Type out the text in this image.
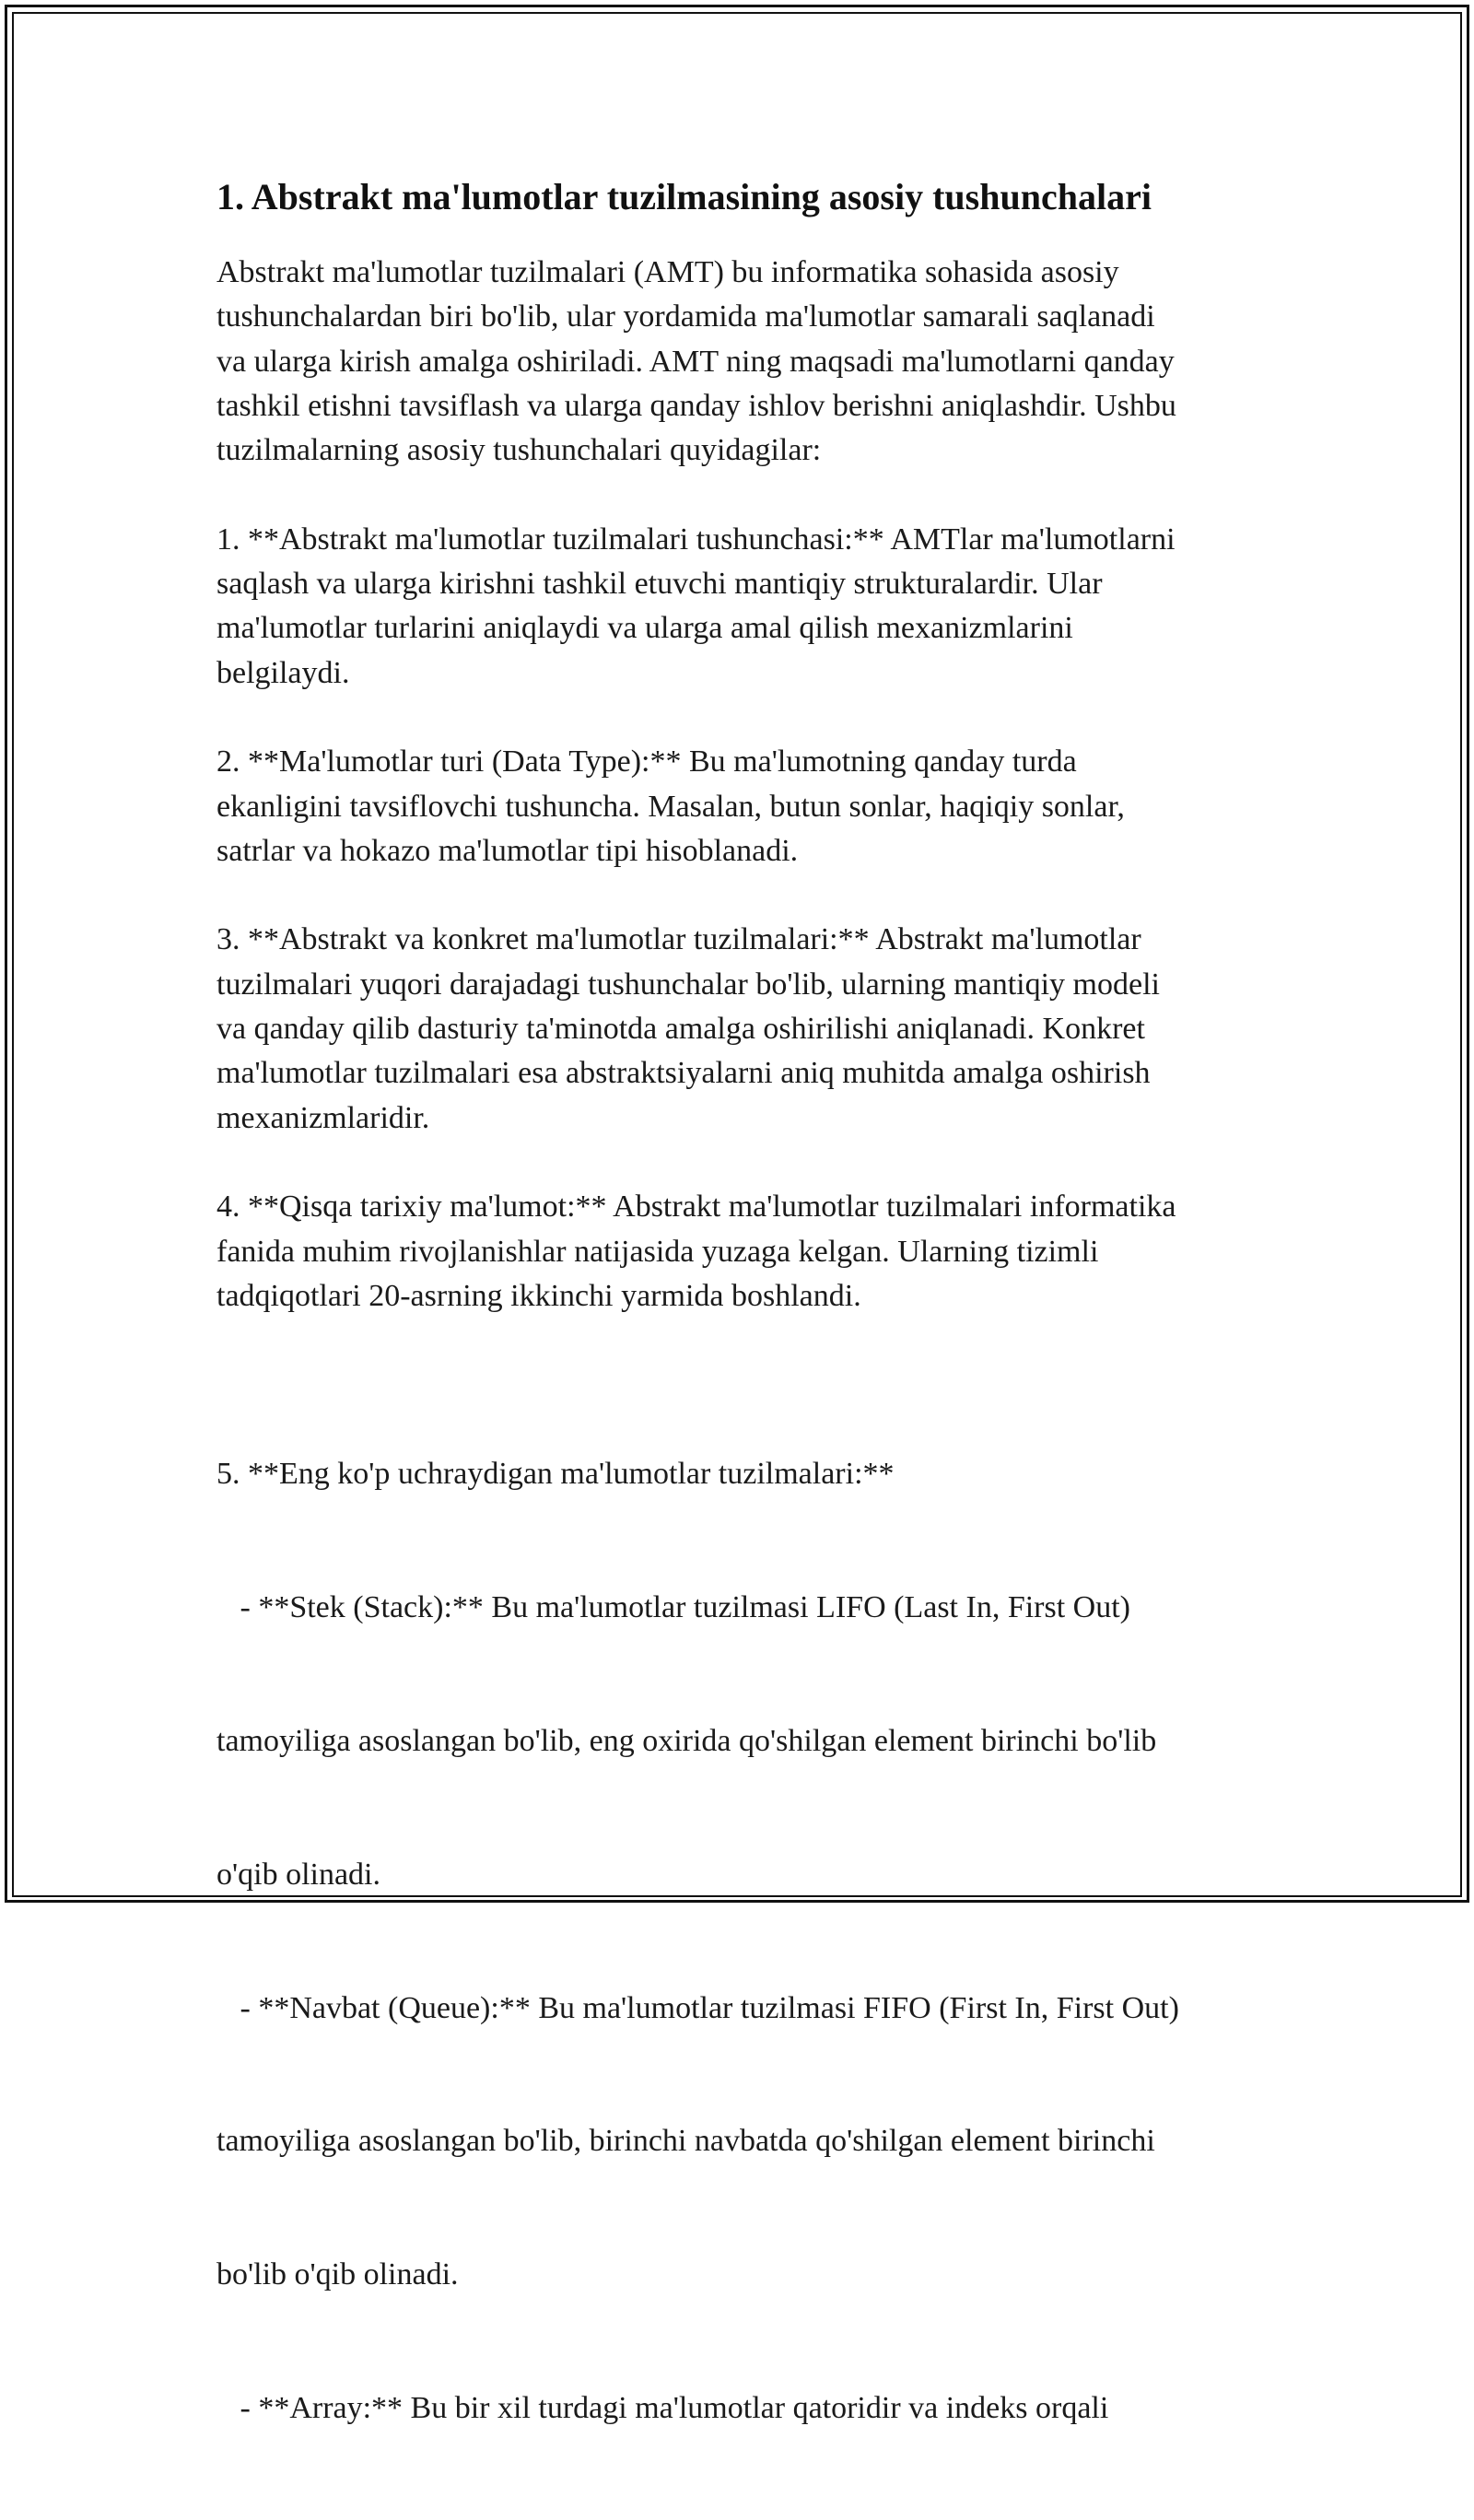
1. Abstrakt ma'lumotlar tuzilmasining asosiy tushunchalari
Abstrakt ma'lumotlar tuzilmalari (AMT) bu informatika sohasida asosiy
tushunchalardan biri bo'lib, ular yordamida ma'lumotlar samarali saqlanadi
va ularga kirish amalga oshiriladi. AMT ning maqsadi ma'lumotlarni qanday
tashkil etishni tavsiflash va ularga qanday ishlov berishni aniqlashdir. Ushbu
tuzilmalarning asosiy tushunchalari quyidagilar:
1. **Abstrakt ma'lumotlar tuzilmalari tushunchasi:** AMTlar ma'lumotlarni
saqlash va ularga kirishni tashkil etuvchi mantiqiy strukturalardir. Ular
ma'lumotlar turlarini aniqlaydi va ularga amal qilish mexanizmlarini
belgilaydi.
2. **Ma'lumotlar turi (Data Type):** Bu ma'lumotning qanday turda
ekanligini tavsiflovchi tushuncha. Masalan, butun sonlar, haqiqiy sonlar,
satrlar va hokazo ma'lumotlar tipi hisoblanadi.
3. **Abstrakt va konkret ma'lumotlar tuzilmalari:** Abstrakt ma'lumotlar
tuzilmalari yuqori darajadagi tushunchalar bo'lib, ularning mantiqiy modeli
va qanday qilib dasturiy ta'minotda amalga oshirilishi aniqlanadi. Konkret
ma'lumotlar tuzilmalari esa abstraktsiyalarni aniq muhitda amalga oshirish
mexanizmlaridir.
4. **Qisqa tarixiy ma'lumot:** Abstrakt ma'lumotlar tuzilmalari informatika
fanida muhim rivojlanishlar natijasida yuzaga kelgan. Ularning tizimli
tadqiqotlari 20-asrning ikkinchi yarmida boshlandi.

5. **Eng ko'p uchraydigan ma'lumotlar tuzilmalari:**

- **Stek (Stack):** Bu ma'lumotlar tuzilmasi LIFO (Last In, First Out)

tamoyiliga asoslangan bo'lib, eng oxirida qo'shilgan element birinchi bo'lib

o'qib olinadi.

- **Navbat (Queue):** Bu ma'lumotlar tuzilmasi FIFO (First In, First Out)

tamoyiliga asoslangan bo'lib, birinchi navbatda qo'shilgan element birinchi

bo'lib o'qib olinadi.

- **Array:** Bu bir xil turdagi ma'lumotlar qatoridir va indeks orqali
